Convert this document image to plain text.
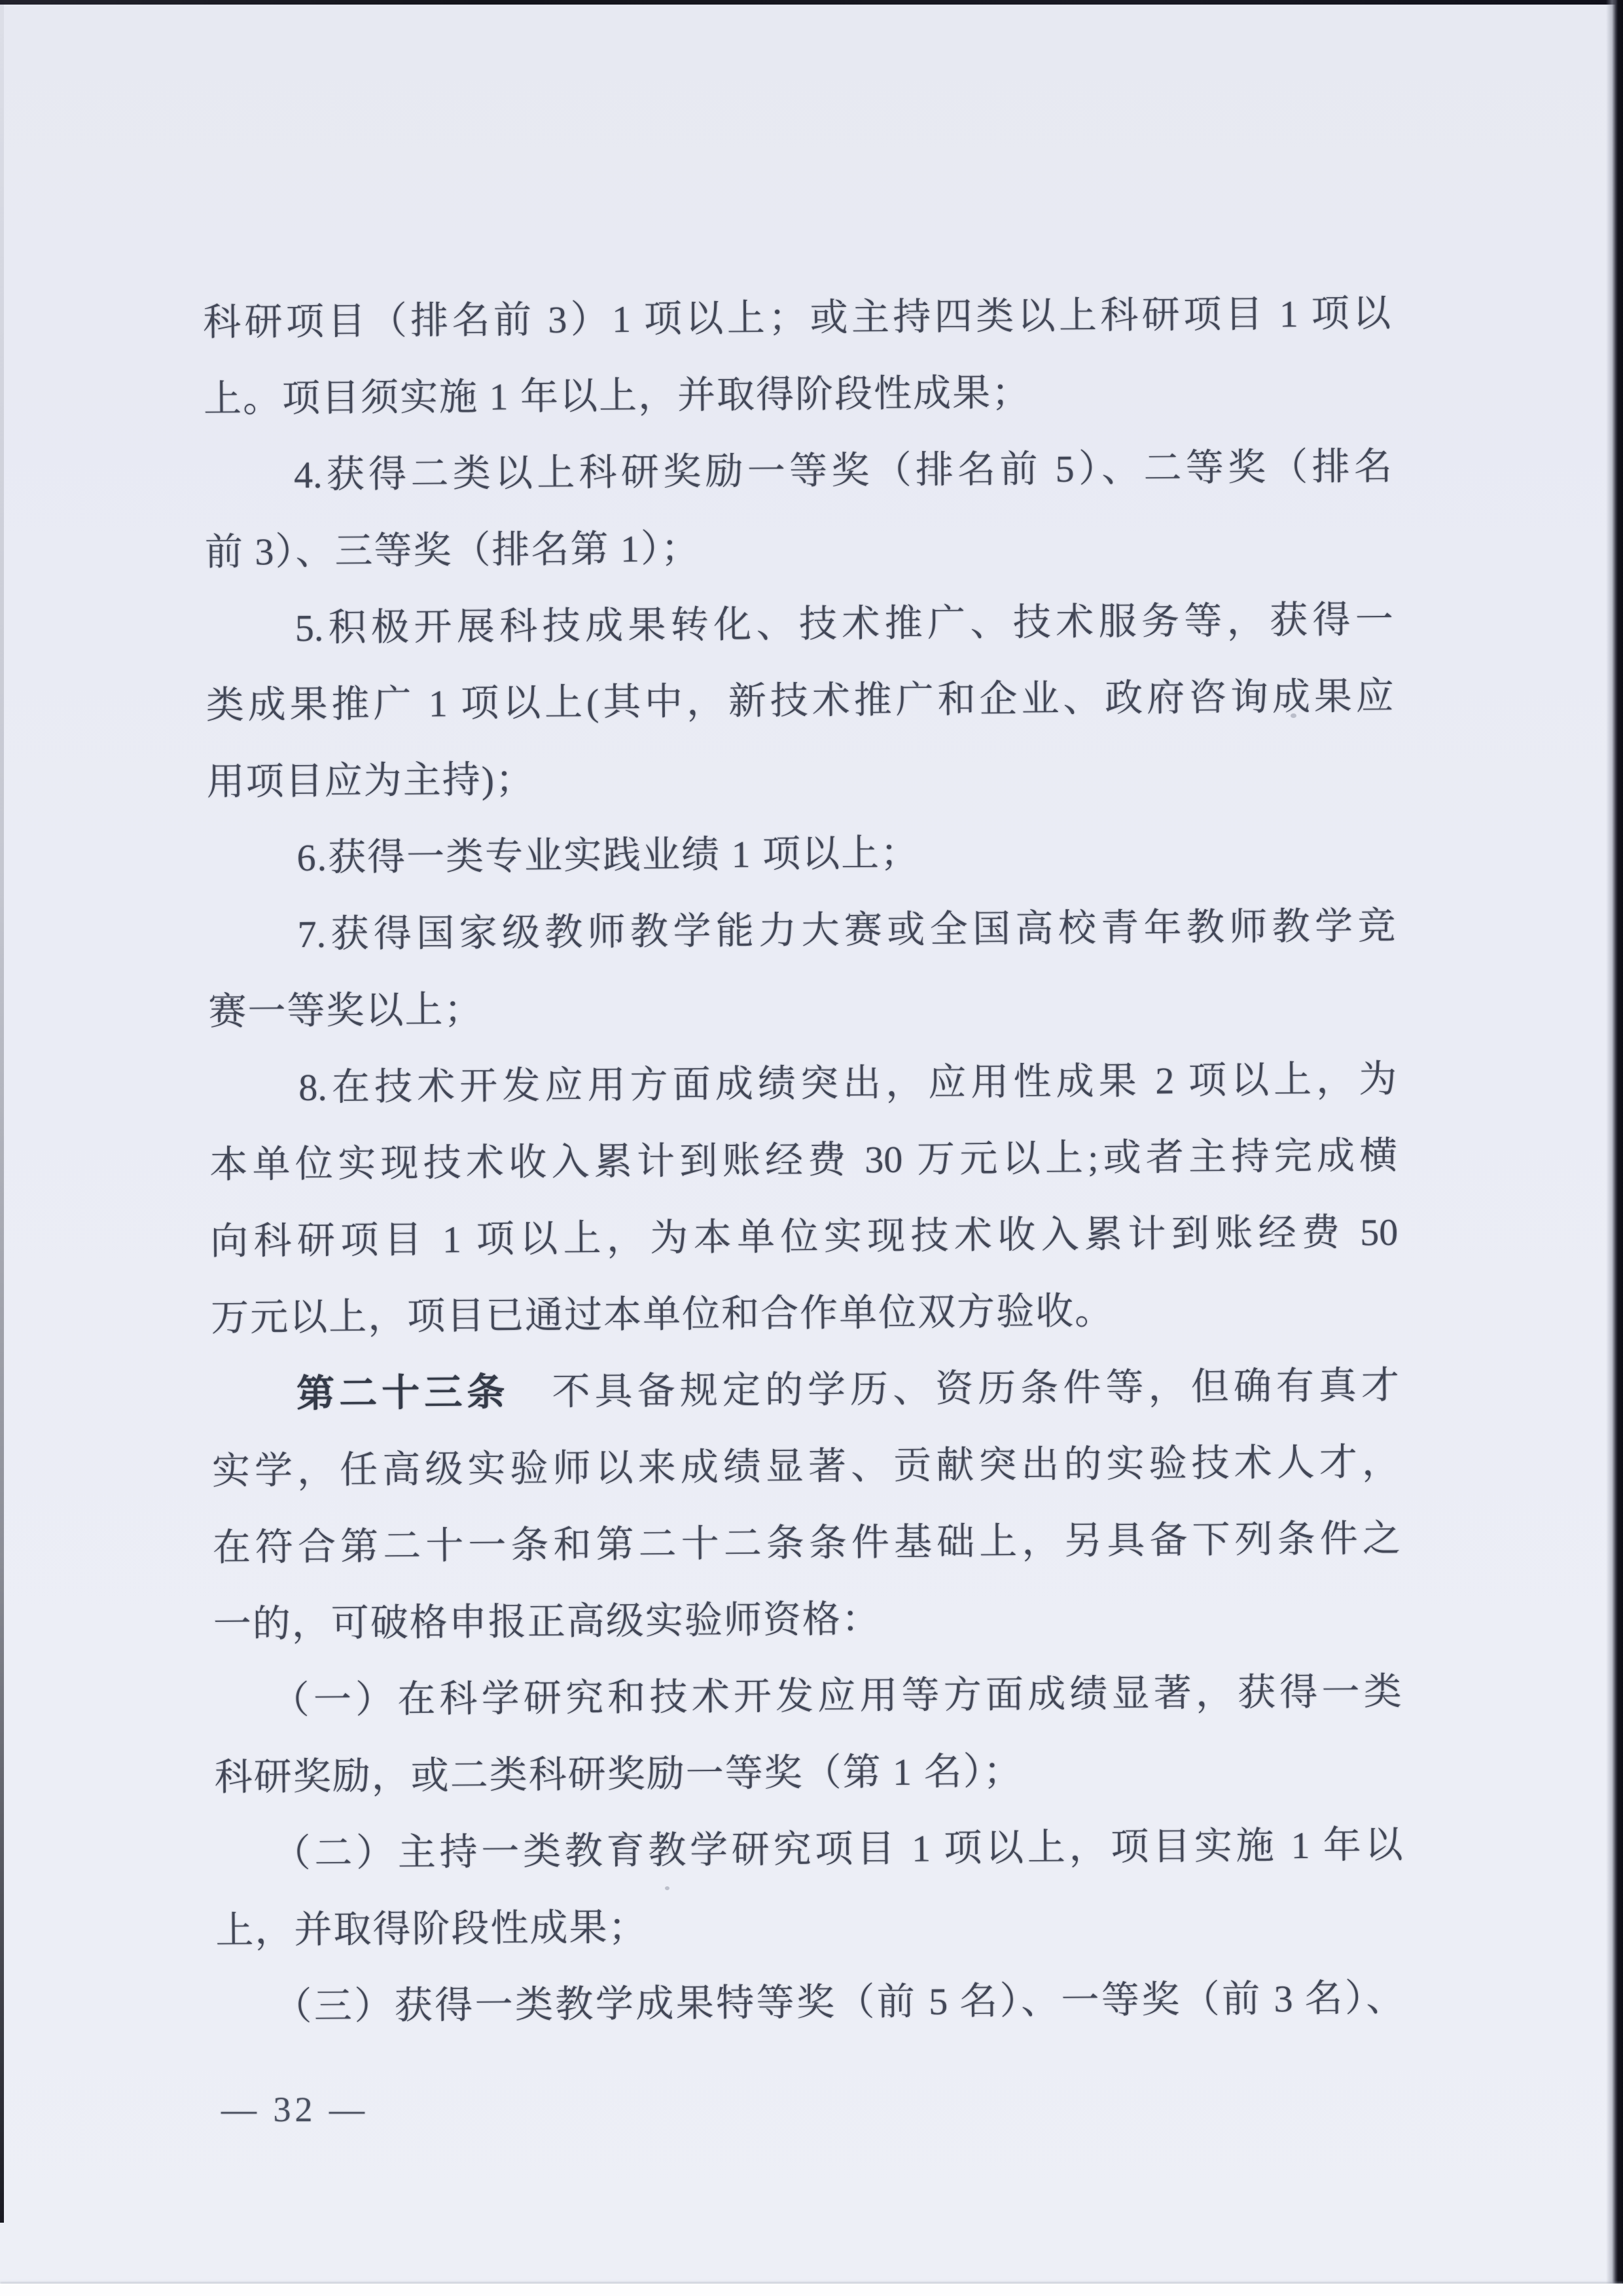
科研项目（排名前 3）1 项以上；或主持四类以上科研项目 1 项以
上。项目须实施 1 年以上，并取得阶段性成果；
4.获得二类以上科研奖励一等奖（排名前 5）、二等奖（排名
前 3）、三等奖（排名第 1）；
5.积极开展科技成果转化、技术推广、技术服务等，获得一
类成果推广 1 项以上(其中，新技术推广和企业、政府咨询成果应
用项目应为主持)；
6.获得一类专业实践业绩 1 项以上；
7.获得国家级教师教学能力大赛或全国高校青年教师教学竞
赛一等奖以上；
8.在技术开发应用方面成绩突出，应用性成果 2 项以上，为
本单位实现技术收入累计到账经费 30 万元以上;或者主持完成横
向科研项目 1 项以上，为本单位实现技术收入累计到账经费 50
万元以上，项目已通过本单位和合作单位双方验收。
第二十三条　不具备规定的学历、资历条件等，但确有真才
实学，任高级实验师以来成绩显著、贡献突出的实验技术人才，
在符合第二十一条和第二十二条条件基础上，另具备下列条件之
一的，可破格申报正高级实验师资格：
（一）在科学研究和技术开发应用等方面成绩显著，获得一类
科研奖励，或二类科研奖励一等奖（第 1 名）；
（二）主持一类教育教学研究项目 1 项以上，项目实施 1 年以
上，并取得阶段性成果；
（三）获得一类教学成果特等奖（前 5 名）、一等奖（前 3 名）、
— 32 —
